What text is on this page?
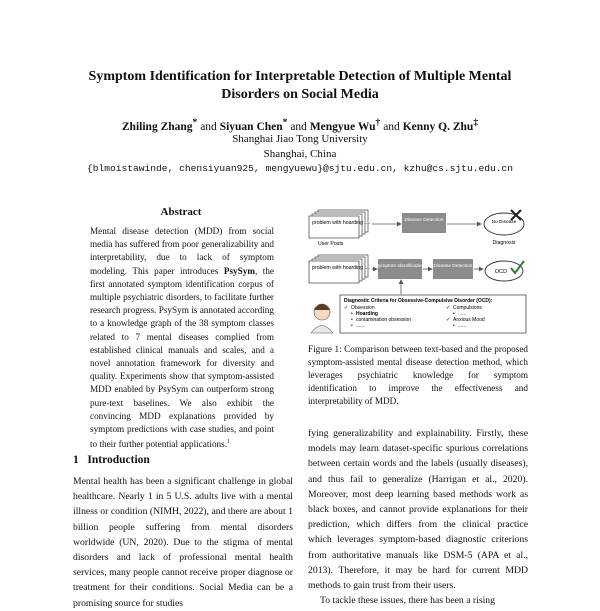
Symptom Identification for Interpretable Detection of Multiple Mental
Disorders on Social Media
Zhiling Zhang* and Siyuan Chen* and Mengyue Wu† and Kenny Q. Zhu‡
Shanghai Jiao Tong University
Shanghai, China
{blmoistawinde, chensiyuan925, mengyuewu}@sjtu.edu.cn, kzhu@cs.sjtu.edu.cn
Abstract
Mental disease detection (MDD) from social media has suffered from poor generalizability and interpretability, due to lack of symptom modeling. This paper introduces PsySym, the first annotated symptom identification corpus of multiple psychiatric disorders, to facilitate further research progress. PsySym is annotated according to a knowledge graph of the 38 symptom classes related to 7 mental diseases complied from established clinical manuals and scales, and a novel annotation framework for diversity and quality. Experiments show that symptom-assisted MDD enabled by PsySym can outperform strong pure-text baselines. We also exhibit the convincing MDD explanations provided by symptom predictions with case studies, and point to their further potential applications.$^1$
1 Introduction
Mental health has been a significant challenge in global healthcare. Nearly 1 in 5 U.S. adults live with a mental illness or condition (NIMH, 2022), and there are about 1 billion people suffering from mental disorders worldwide (UN, 2020). Due to the stigma of mental disorders and lack of professional mental health services, many people cannot receive proper diagnose or treatment for their conditions. Social Media can be a promising source for studies

fying generalizability and explainability. Firstly, these models may learn dataset-specific spurious correlations between certain words and the labels (usually diseases), and thus fail to generalize (Harrigan et al., 2020). Moreover, most deep learning based methods work as black boxes, and cannot provide explanations for their prediction, which differs from the clinical practice which leverages symptom-based diagnostic criterions from authoritative manuals like DSM-5 (APA et al., 2013). Therefore, it may be hard for current MDD methods to gain trust from their users.

To tackle these issues, there has been a rising

problem with hoarding ....
User Posts
Disease Detection	No Disease
Diagnosis
problem with hoarding .... Symptom Identification Disease Detection
OCD
Diagnostic Criteria for Obsessive-Compulsive Disorder (OCD):
✔ Obsession
• Hoarding
• contamination obsession
• ......
✔ Compulsions
• ......
✔ Anxious Mood
• ......
Figure 1: Comparison between text-based and the proposed symptom-assisted mental disease detection method, which leverages psychiatric knowledge for symptom identification to improve the effectiveness and interpretability of MDD.
